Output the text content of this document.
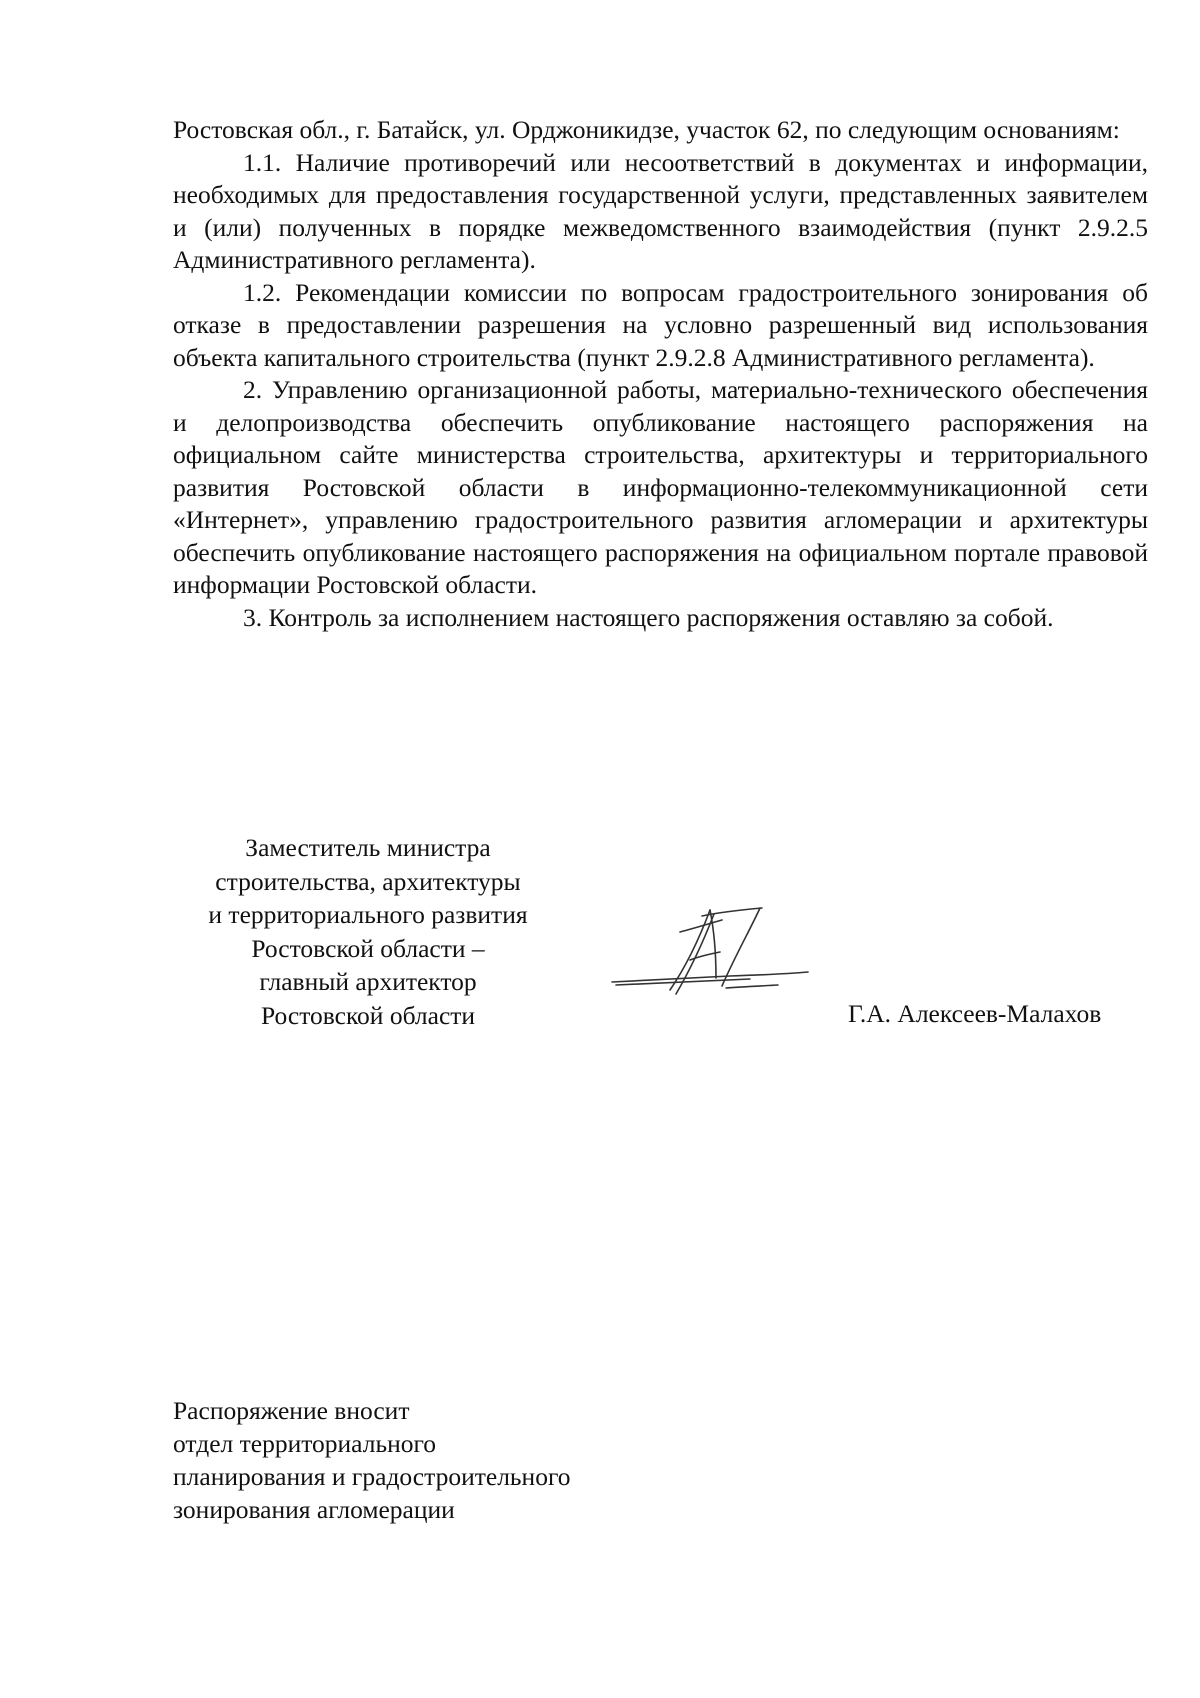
Ростовская обл., г. Батайск, ул. Орджоникидзе, участок 62, по следующим основаниям:

1.1. Наличие противоречий или несоответствий в документах и информации, необходимых для предоставления государственной услуги, представленных заявителем и (или) полученных в порядке межведомственного взаимодействия (пункт 2.9.2.5 Административного регламента).

1.2. Рекомендации комиссии по вопросам градостроительного зонирования об отказе в предоставлении разрешения на условно разрешенный вид использования объекта капитального строительства (пункт 2.9.2.8 Административного регламента).

2. Управлению организационной работы, материально-технического обеспечения и делопроизводства обеспечить опубликование настоящего распоряжения на официальном сайте министерства строительства, архитектуры и территориального развития Ростовской области в информационно-телекоммуникационной сети «Интернет», управлению градостроительного развития агломерации и архитектуры обеспечить опубликование настоящего распоряжения на официальном портале правовой информации Ростовской области.

3. Контроль за исполнением настоящего распоряжения оставляю за собой.

Заместитель министра
строительства, архитектуры
и территориального развития
Ростовской области –
главный архитектор
Ростовской области	Г.А. Алексеев-Малахов
Распоряжение вносит
отдел территориального
планирования и градостроительного
зонирования агломерации
